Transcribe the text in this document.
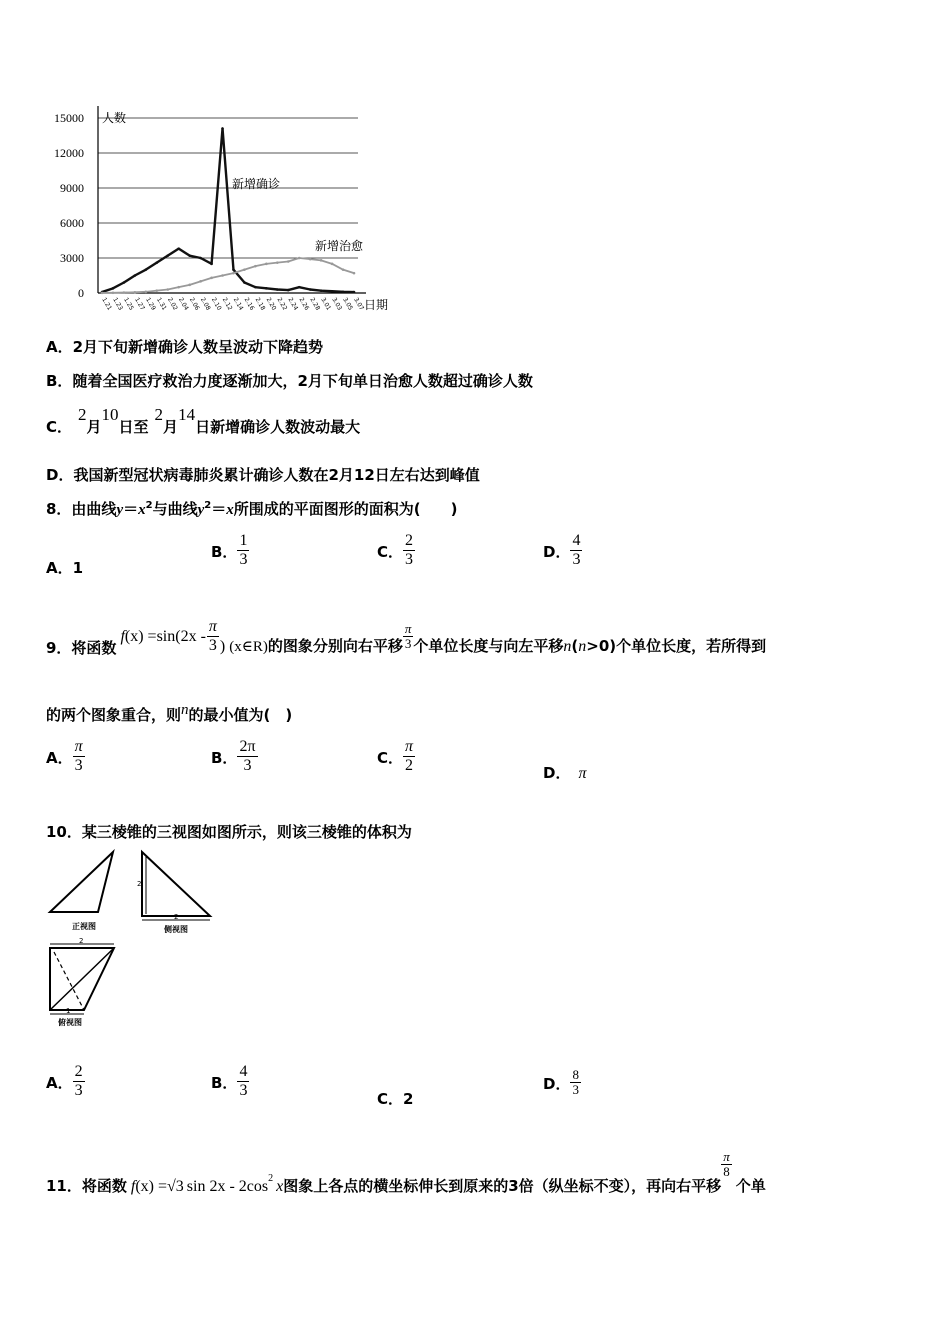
15000
12000
9000
6000
3000
0
人数
日期
1.21
1.23
1.25
1.27
1.29
1.31
2.02
2.04
2.06
2.08
2.10
2.12
2.14
2.16
2.18
2.20
2.22
2.24
2.26
2.28
3.01
3.03
3.05
3.07
新增确诊
新增治愈
A．2月下旬新增确诊人数呈波动下降趋势
B．随着全国医疗救治力度逐渐加大，2月下旬单日治愈人数超过确诊人数
C．2月10日至2月14日新增确诊人数波动最大
D．我国新型冠状病毒肺炎累计确诊人数在2月12日左右达到峰值
8．由曲线$y=x^2$与曲线$y^2=x$所围成的平面图形的面积为(　　)
A．1
B． $\frac{1}{3}$	C． $\frac{2}{3}$	D． $\frac{4}{3}$
9．将函数$f(x) =\sin(2x - \frac{\pi}{3}$ ) (x∈R)的图象分别向右平移 $\frac{\pi}{3}$ 个单位长度与向左平移n(n>0)个单位长度，若所得到
的两个图象重合，则$^n$的最小值为(　)
A． $\frac{\pi}{3}$	B． $\frac{2\pi}{3}$	C． $\frac{\pi}{2}$	D． π
10．某三棱锥的三视图如图所示，则该三棱锥的体积为
正视图
2
2
侧视图
2
1
俯视图
A． $\frac{2}{3}$	B． $\frac{4}{3}$	C．2
D． $\frac{8}{3}$
11．将函数 f(x) =√3 $\sin 2x - 2\cos^2$ x图象上各点的横坐标伸长到原来的3倍（纵坐标不变），再向右平移
$\frac{\pi}{8}$
个单
